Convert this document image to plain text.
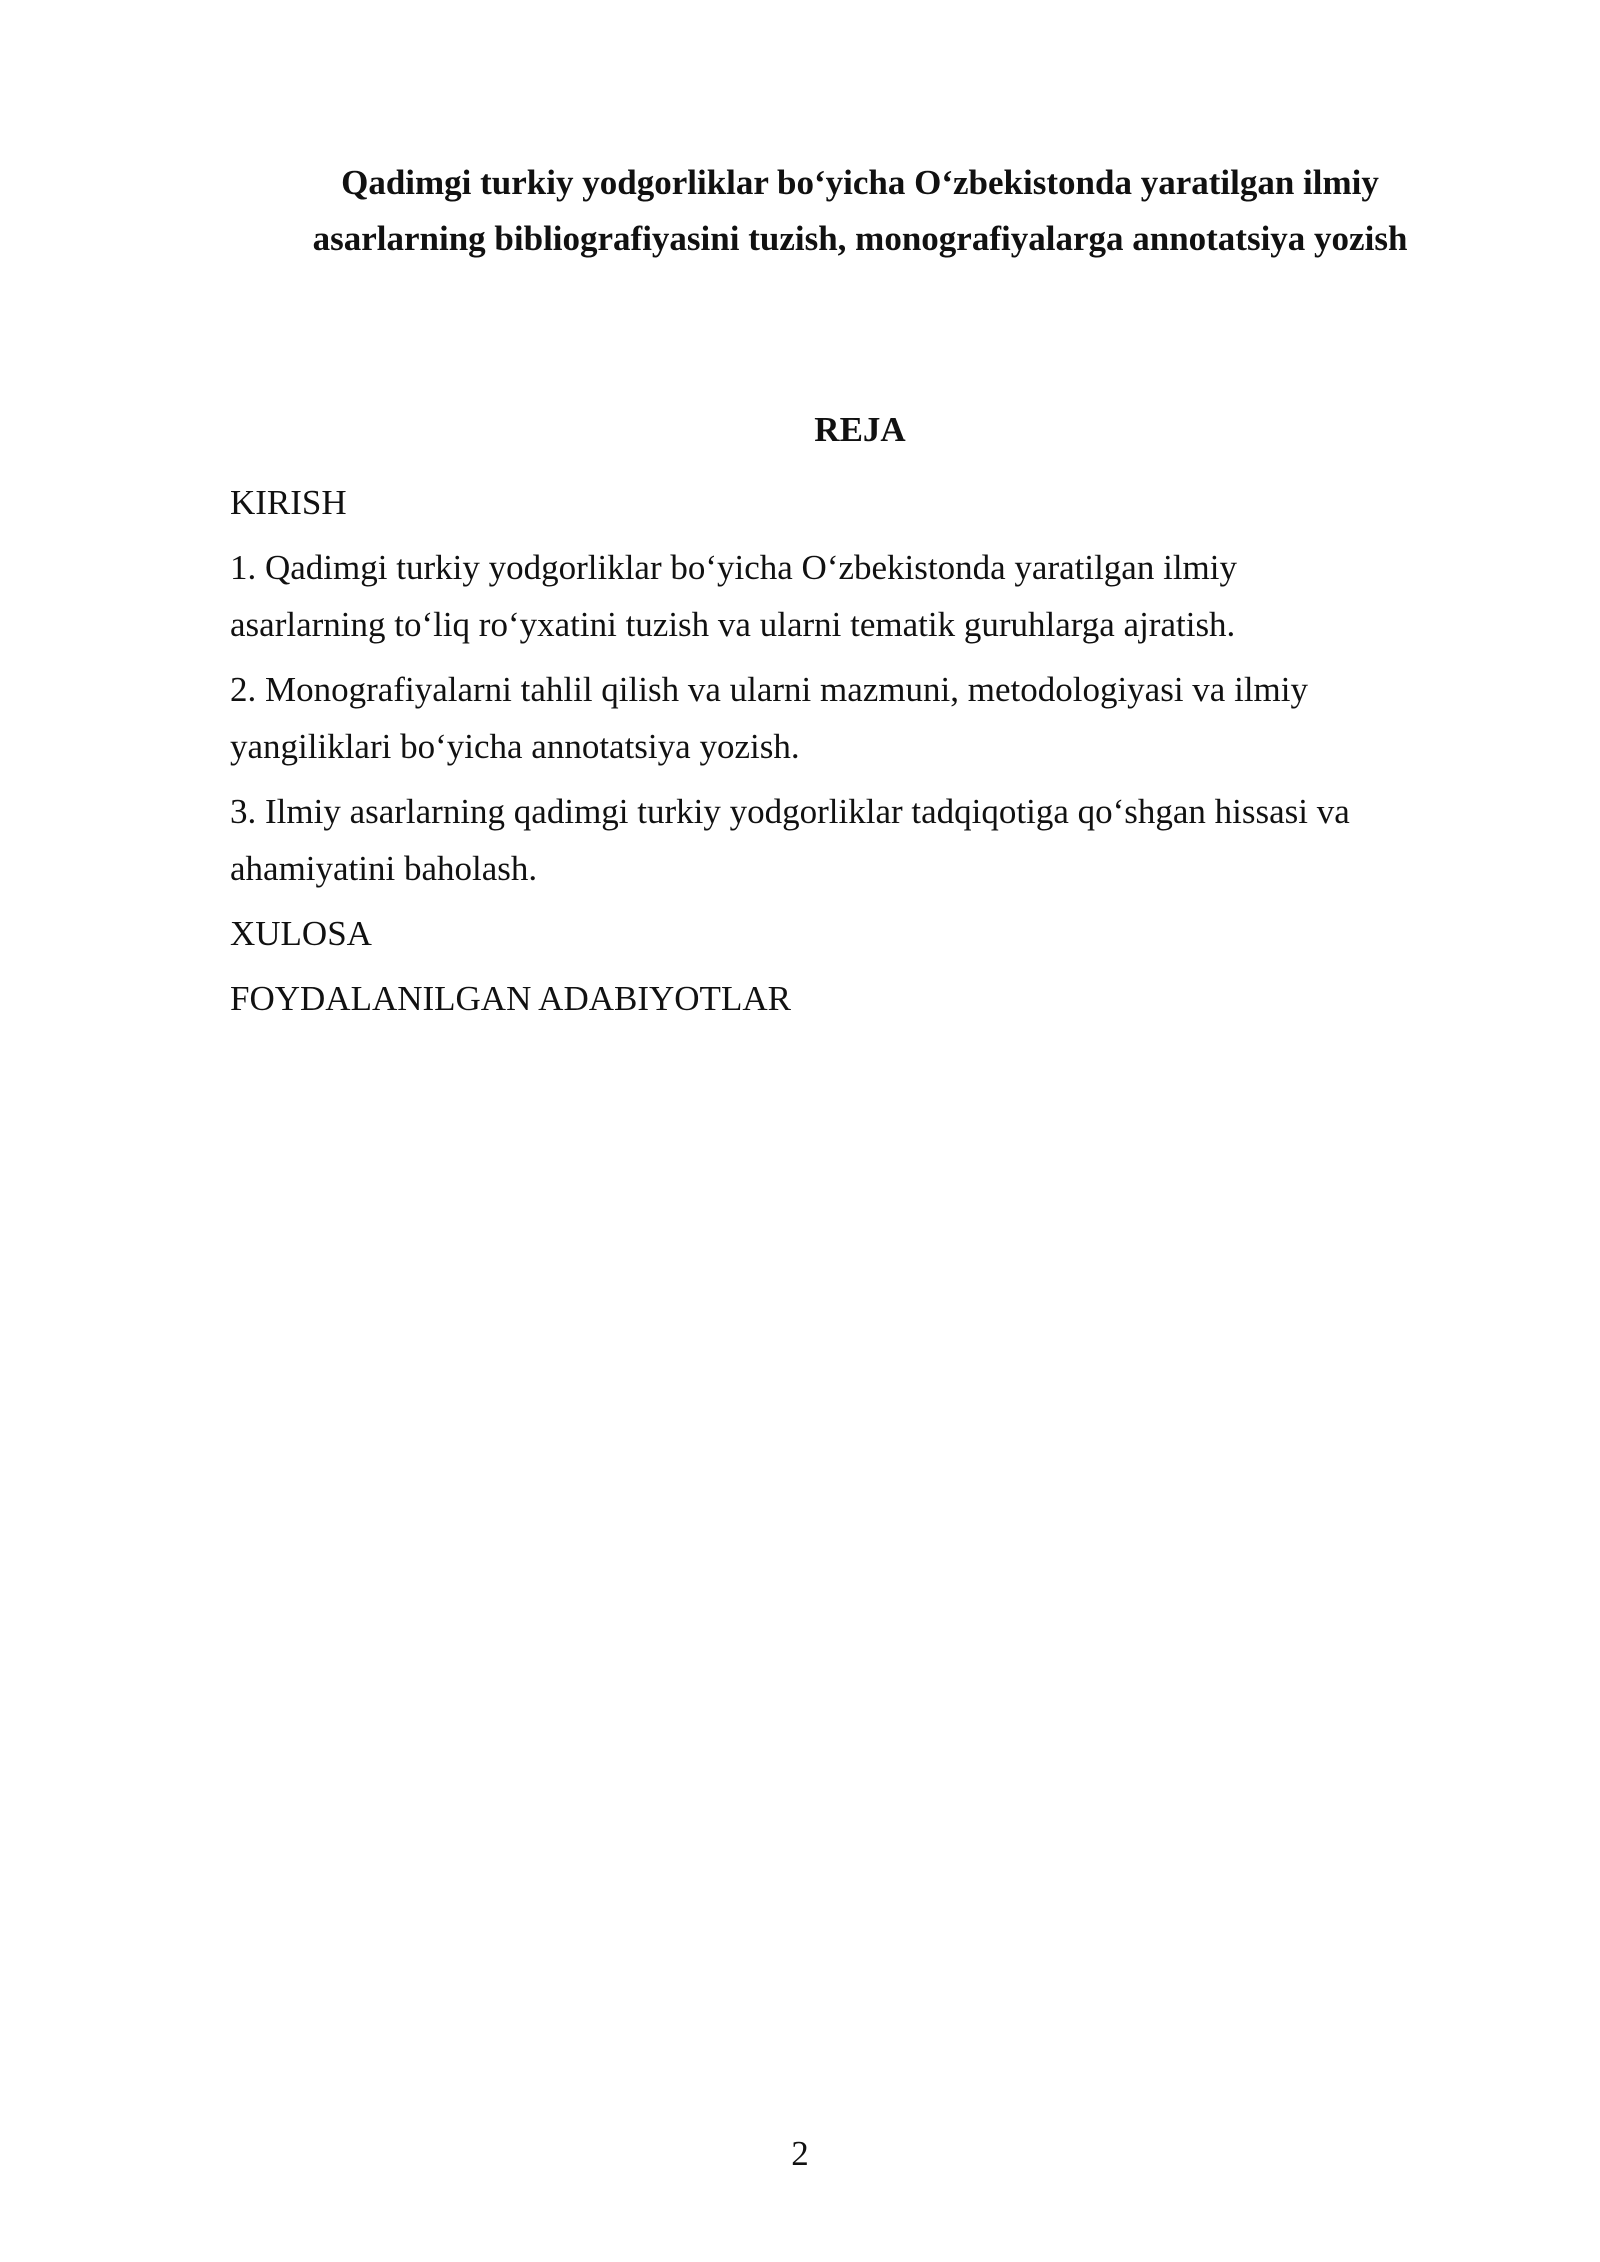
Qadimgi turkiy yodgorliklar bo‘yicha O‘zbekistonda yaratilgan ilmiy
asarlarning bibliografiyasini tuzish, monografiyalarga annotatsiya yozish
REJA
KIRISH
1. Qadimgi turkiy yodgorliklar bo‘yicha O‘zbekistonda yaratilgan ilmiy
asarlarning to‘liq ro‘yxatini tuzish va ularni tematik guruhlarga ajratish.
2. Monografiyalarni tahlil qilish va ularni mazmuni, metodologiyasi va ilmiy
yangiliklari bo‘yicha annotatsiya yozish.
3. Ilmiy asarlarning qadimgi turkiy yodgorliklar tadqiqotiga qo‘shgan hissasi va
ahamiyatini baholash.
XULOSA
FOYDALANILGAN ADABIYOTLAR
2
